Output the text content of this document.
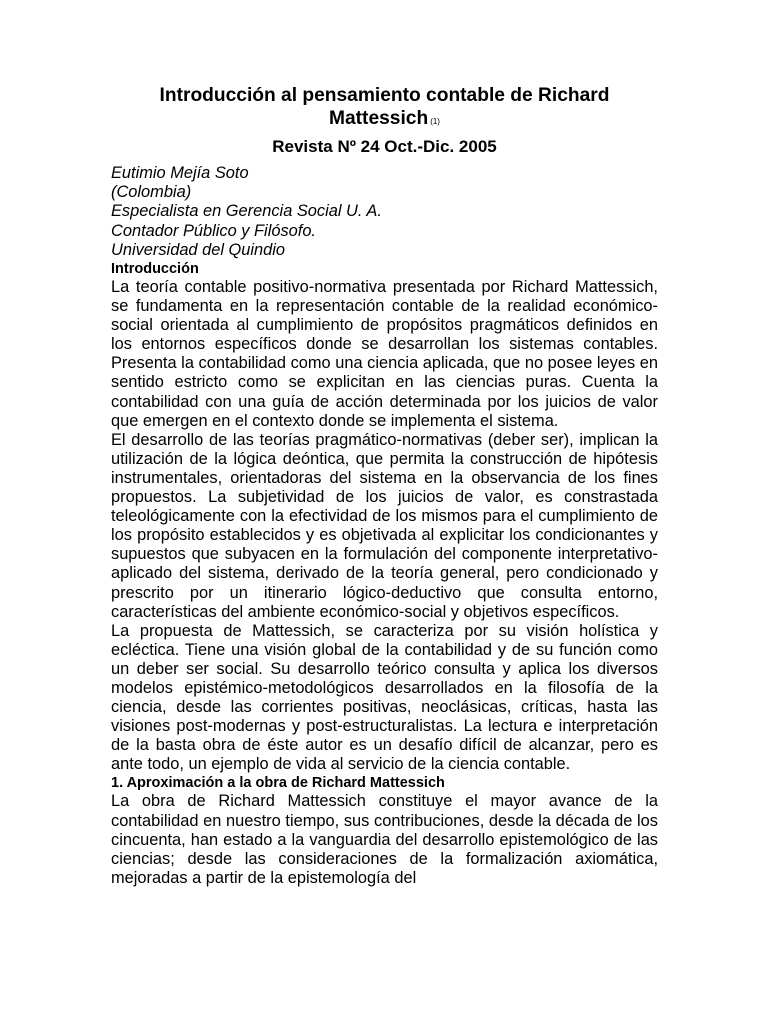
Introducción al pensamiento contable de Richard
Mattessich $^{(1)}$
Revista Nº 24 Oct.-Dic. 2005
Eutimio Mejía Soto
(Colombia)
Especialista en Gerencia Social U. A.
Contador Público y Filósofo.
Universidad del Quindio
Introducción

La teoría contable positivo-normativa presentada por Richard Mattessich, se fundamenta en la representación contable de la realidad económico-social orientada al cumplimiento de propósitos pragmáticos definidos en los entornos específicos donde se desarrollan los sistemas contables. Presenta la contabilidad como una ciencia aplicada, que no posee leyes en sentido estricto como se explicitan en las ciencias puras. Cuenta la contabilidad con una guía de acción determinada por los juicios de valor que emergen en el contexto donde se implementa el sistema.

El desarrollo de las teorías pragmático-normativas (deber ser), implican la utilización de la lógica deóntica, que permita la construcción de hipótesis instrumentales, orientadoras del sistema en la observancia de los fines propuestos. La subjetividad de los juicios de valor, es constrastada teleológicamente con la efectividad de los mismos para el cumplimiento de los propósito establecidos y es objetivada al explicitar los condicionantes y supuestos que subyacen en la formulación del componente interpretativo-aplicado del sistema, derivado de la teoría general, pero condicionado y prescrito por un itinerario lógico-deductivo que consulta entorno, características del ambiente económico-social y objetivos específicos.

La propuesta de Mattessich, se caracteriza por su visión holística y ecléctica. Tiene una visión global de la contabilidad y de su función como un deber ser social. Su desarrollo teórico consulta y aplica los diversos modelos epistémico-metodológicos desarrollados en la filosofía de la ciencia, desde las corrientes positivas, neoclásicas, críticas, hasta las visiones post-modernas y post-estructuralistas. La lectura e interpretación de la basta obra de éste autor es un desafío difícil de alcanzar, pero es ante todo, un ejemplo de vida al servicio de la ciencia contable.

1. Aproximación a la obra de Richard Mattessich

La obra de Richard Mattessich constituye el mayor avance de la contabilidad en nuestro tiempo, sus contribuciones, desde la década de los cincuenta, han estado a la vanguardia del desarrollo epistemológico de las ciencias; desde las consideraciones de la formalización axiomática, mejoradas a partir de la epistemología del
